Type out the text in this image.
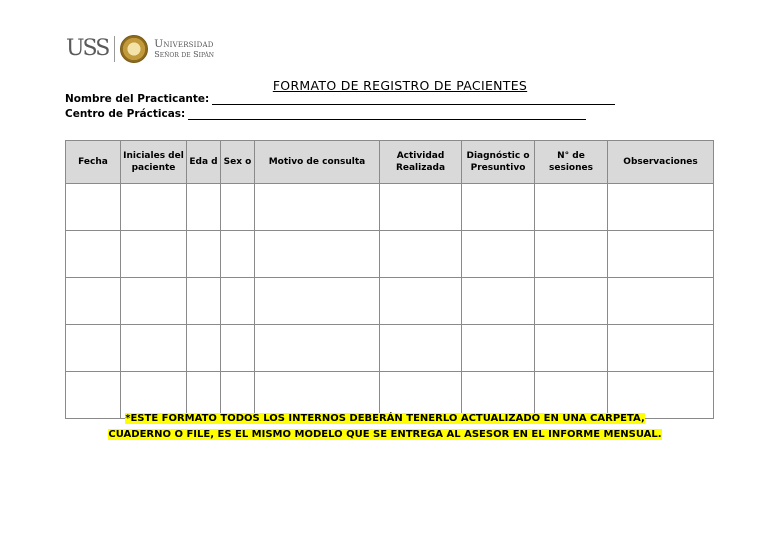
USS	Universidad
Señor de Sipán
FORMATO DE REGISTRO DE PACIENTES
Nombre del Practicante:
Centro de Prácticas:
Fecha	Iniciales del paciente	Eda d	Sex o	Motivo de consulta	Actividad Realizada	Diagnóstic o Presuntivo	N° de sesiones	Observaciones

*ESTE FORMATO TODOS LOS INTERNOS DEBERÁN TENERLO ACTUALIZADO EN UNA CARPETA,
CUADERNO O FILE, ES EL MISMO MODELO QUE SE ENTREGA AL ASESOR EN EL INFORME MENSUAL.
